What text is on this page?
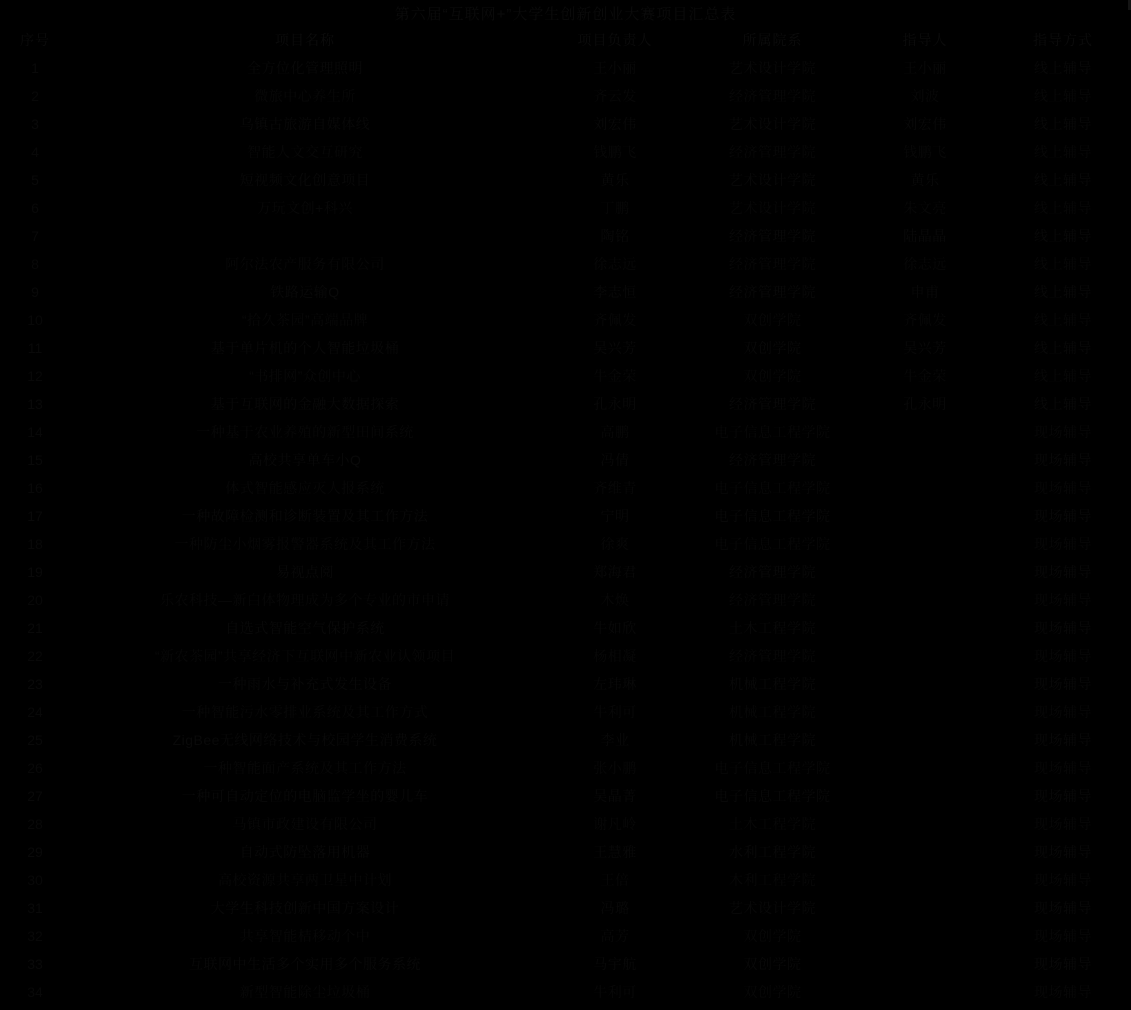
第六届“互联网+”大学生创新创业大赛项目汇总表
序号	项目名称	项目负责人	所属院系	指导人	指导方式
1	全方位化管理照明	王小丽	艺术设计学院	王小丽	线上辅导
2	微旅中心养生所	齐云发	经济管理学院	刘波	线上辅导
3	乌镇古旅游自媒体线	刘宏伟	艺术设计学院	刘宏伟	线上辅导
4	智能人文交互研究	钱鹏飞	经济管理学院	钱鹏飞	线上辅导
5	短视频文化创意项目	黄乐	艺术设计学院	黄乐	线上辅导
6	万玩文创+科兴	丁鹏	艺术设计学院	朱文亮	线上辅导
7		陶铭	经济管理学院	陆晶晶	线上辅导
8	阿尔法农产服务有限公司	徐志远	经济管理学院	徐志远	线上辅导
9	铁路运输Q	李志恒	经济管理学院	申甫	线上辅导
10	“拾久茶园”高端品牌	齐佩发	双创学院	齐佩发	线上辅导
11	基于单片机的个人智能垃圾桶	吴兴芳	双创学院	吴兴芳	线上辅导
12	“书排网”众创中心	牛金荣	双创学院	牛金荣	线上辅导
13	基于互联网的金融大数据探索	孔永明	经济管理学院	孔永明	线上辅导
14	一种基于农业养殖的新型田间系统	高鹏	电子信息工程学院		现场辅导
15	高校共享单车小Q	冯倩	经济管理学院		现场辅导
16	体式智能感应灭人报系统	齐维青	电子信息工程学院		现场辅导
17	一种故障检测和诊断装置及其工作方法	宁明	电子信息工程学院		现场辅导
18	一种防尘小烟雾报警器系统及其工作方法	徐爽	电子信息工程学院		现场辅导
19	易视点阅	郑海君	经济管理学院		现场辅导
20	乐农科技—新白体物理成为多个专业的市申请	木焕	经济管理学院		现场辅导
21	自选式智能空气保护系统	牛如欣	土木工程学院		现场辅导
22	“新农茶园”共享经济下互联网中新农业认领项目	杨相凝	经济管理学院		现场辅导
23	一种雨水与补充式发生设备	左玮琳	机械工程学院		现场辅导
24	一种智能污水零排业系统及其工作方式	牛利可	机械工程学院		现场辅导
25	ZigBee无线网络技术与校园学生消费系统	李业	机械工程学院		现场辅导
26	一种智能面产系统及其工作方法	张小鹏	电子信息工程学院		现场辅导
27	一种可自动定位的电脑监学坐的婴儿车	吴晶菁	电子信息工程学院		现场辅导
28	马镇市政建设有限公司	谢凡岭	土木工程学院		现场辅导
29	自动式防坠落用机器	王慧雅	水利工程学院		现场辅导
30	高校资源共享两卫星中计划	王倍	木利工程学院		现场辅导
31	大学生科技创新中国方案设计	冯璐	艺术设计学院		现场辅导
32	共享智能桔移动个中	高芳	双创学院		现场辅导
33	互联网中生活多个实用多个服务系统	马宇航	双创学院		现场辅导
34	新型智能除尘垃圾桶	牛利可	双创学院		现场辅导
